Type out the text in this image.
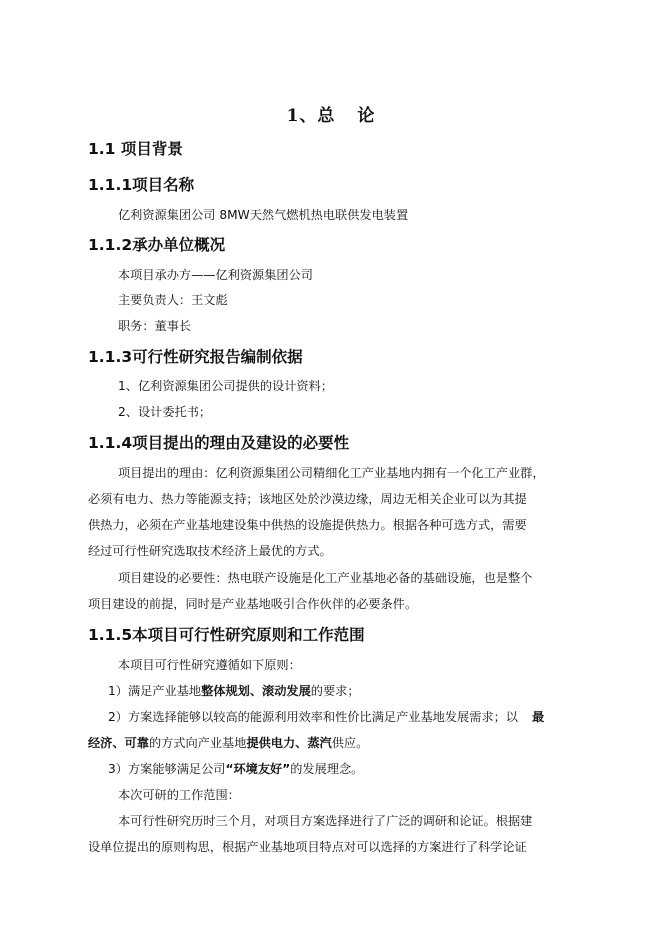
1、总 论
1.1 项目背景
1.1.1项目名称
亿利资源集团公司 8MW天然气燃机热电联供发电装置
1.1.2承办单位概况
本项目承办方——亿利资源集团公司
主要负责人：王文彪
职务：董事长
1.1.3可行性研究报告编制依据
1、亿利资源集团公司提供的设计资料；
2、设计委托书；
1.1.4项目提出的理由及建设的必要性
项目提出的理由：亿利资源集团公司精细化工产业基地内拥有一个化工产业群，
必须有电力、热力等能源支持；该地区处於沙漠边缘，周边无相关企业可以为其提
供热力，必须在产业基地建设集中供热的设施提供热力。根据各种可选方式，需要
经过可行性研究选取技术经济上最优的方式。
项目建设的必要性：热电联产设施是化工产业基地必备的基础设施，也是整个
项目建设的前提，同时是产业基地吸引合作伙伴的必要条件。
1.1.5本项目可行性研究原则和工作范围
本项目可行性研究遵循如下原则：
1）满足产业基地整体规划、滚动发展的要求；
2）方案选择能够以较高的能源利用效率和性价比满足产业基地发展需求；以 最
经济、可靠的方式向产业基地提供电力、蒸汽供应。
3）方案能够满足公司“环境友好”的发展理念。
本次可研的工作范围：
本可行性研究历时三个月，对项目方案选择进行了广泛的调研和论证。根据建
设单位提出的原则构思，根据产业基地项目特点对可以选择的方案进行了科学论证
